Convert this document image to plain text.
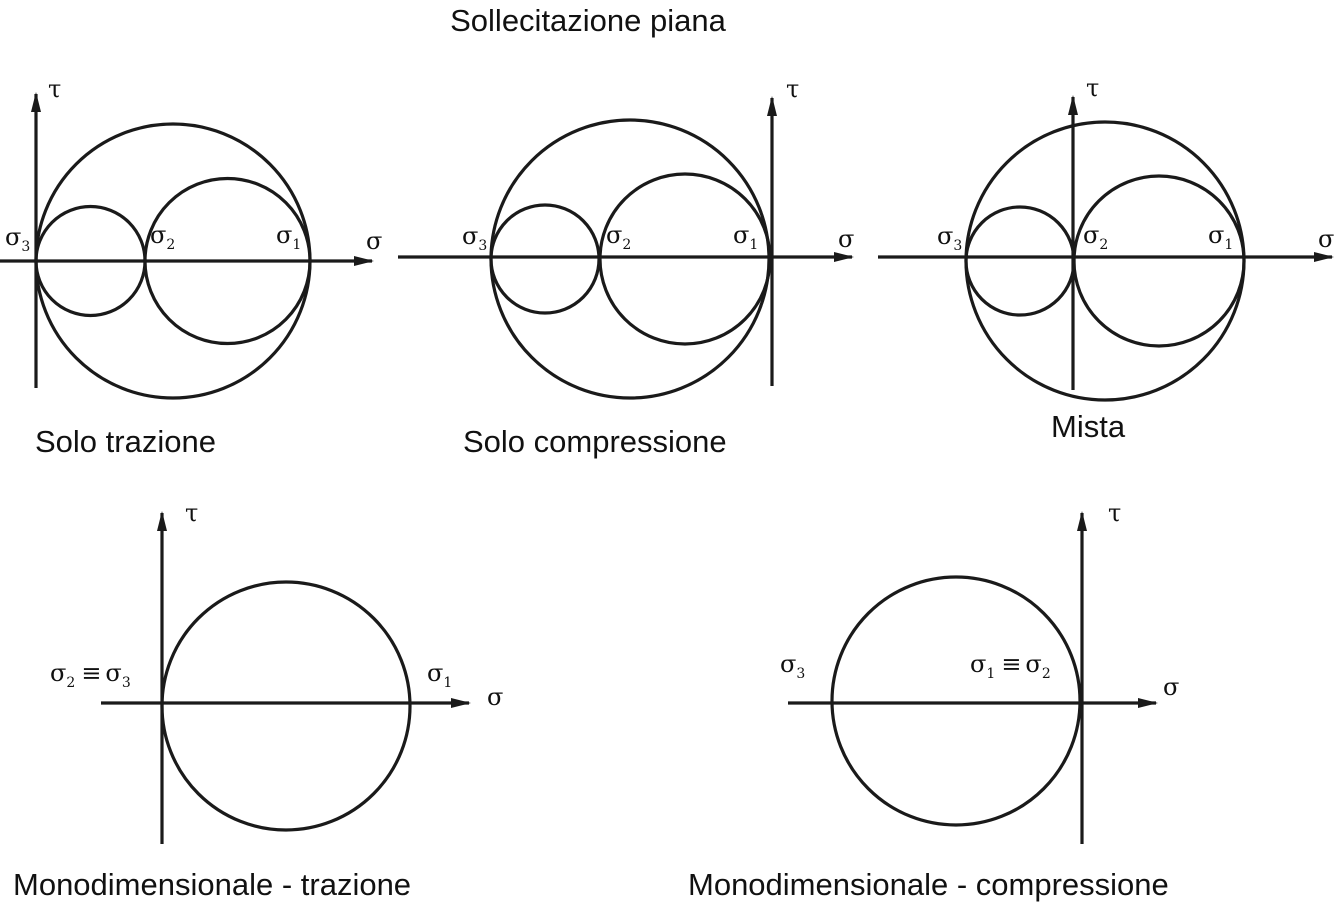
Sollecitazione piana
σ
τ
$\sigma_3$	$\sigma_2$	$\sigma_1$
Solo trazione
σ
τ
$\sigma_3$	$\sigma_2$	$\sigma_1$
Solo compressione
σ
τ
$\sigma_3$	$\sigma_2$	$\sigma_1$
Mista
σ
τ
$\sigma_2 \equiv \sigma_3$	$\sigma_1$
Monodimensionale - trazione
σ
τ
$\sigma_3$	$\sigma_1 \equiv \sigma_2$
Monodimensionale - compressione
